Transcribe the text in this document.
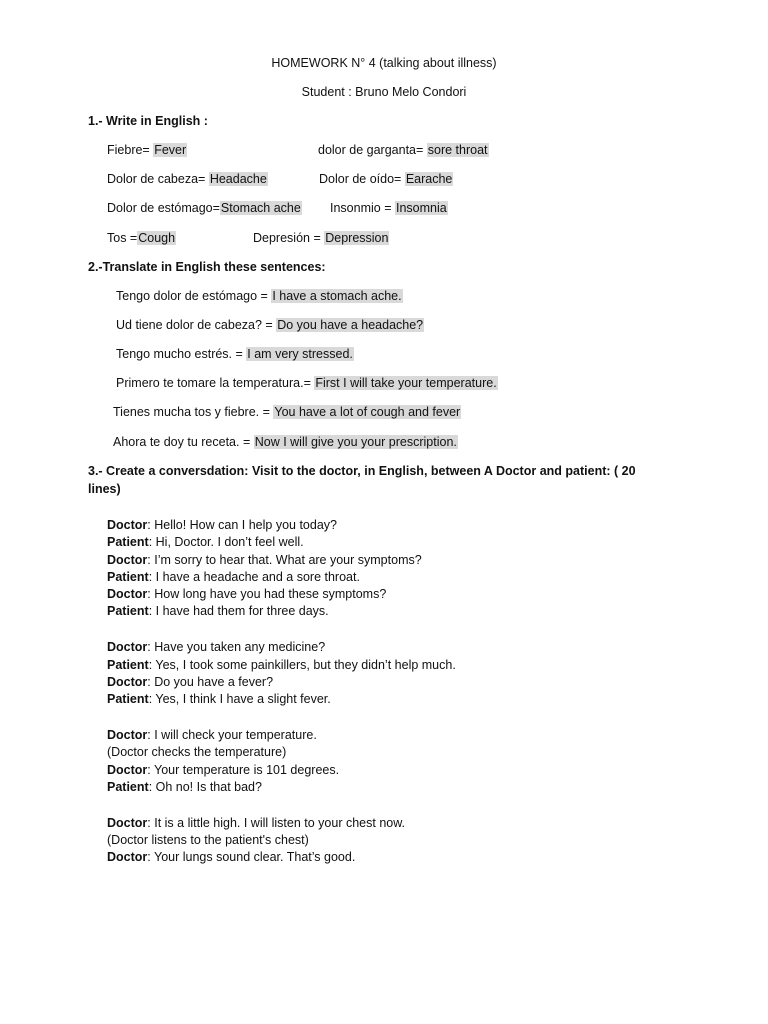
HOMEWORK N° 4 (talking about illness)
Student : Bruno Melo Condori
1.- Write in English :
Fiebre= Fever	dolor de garganta= sore throat
Dolor de cabeza= Headache	Dolor de oído= Earache
Dolor de estómago=Stomach ache Insonmio = Insomnia
Tos =Cough	Depresión = Depression
2.-Translate in English these sentences:
Tengo dolor de estómago = I have a stomach ache.
Ud tiene dolor de cabeza? = Do you have a headache?
Tengo mucho estrés. = I am very stressed.
Primero te tomare la temperatura.= First I will take your temperature.
Tienes mucha tos y fiebre. = You have a lot of cough and fever
Ahora te doy tu receta. = Now I will give you your prescription.
3.- Create a conversdation: Visit to the doctor, in English, between A Doctor and patient: ( 20
lines)
Doctor: Hello! How can I help you today?
Patient: Hi, Doctor. I don’t feel well.
Doctor: I’m sorry to hear that. What are your symptoms?
Patient: I have a headache and a sore throat.
Doctor: How long have you had these symptoms?
Patient: I have had them for three days.
Doctor: Have you taken any medicine?
Patient: Yes, I took some painkillers, but they didn’t help much.
Doctor: Do you have a fever?
Patient: Yes, I think I have a slight fever.
Doctor: I will check your temperature.
(Doctor checks the temperature)
Doctor: Your temperature is 101 degrees.
Patient: Oh no! Is that bad?
Doctor: It is a little high. I will listen to your chest now.
(Doctor listens to the patient's chest)
Doctor: Your lungs sound clear. That’s good.
